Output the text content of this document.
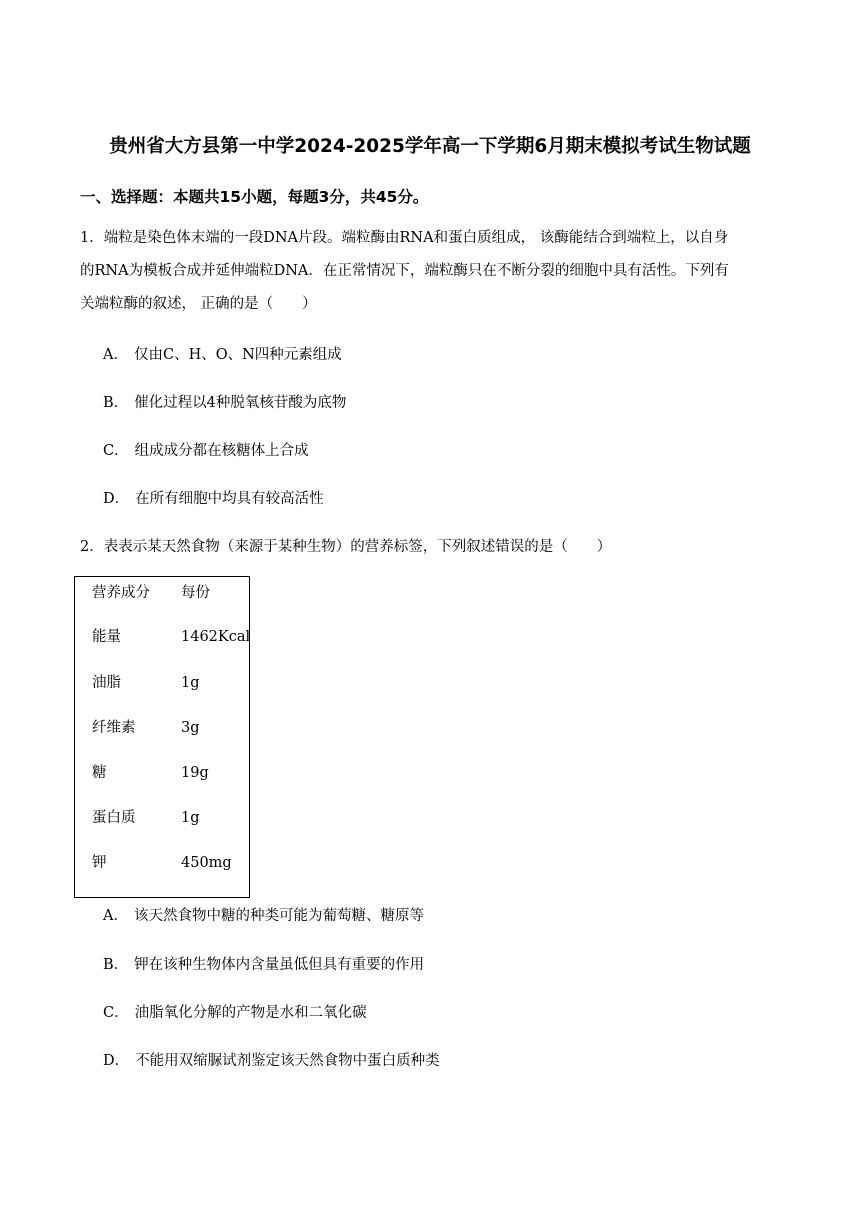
贵州省大方县第一中学2024-2025学年高一下学期6月期末模拟考试生物试题
一、选择题：本题共15小题，每题3分，共45分。
1．端粒是染色体末端的一段DNA片段。端粒酶由RNA和蛋白质组成， 该酶能结合到端粒上，以自身
的RNA为模板合成并延伸端粒DNA．在正常情况下，端粒酶只在不断分裂的细胞中具有活性。下列有
关端粒酶的叙述， 正确的是（　　）
A． 仅由C、H、O、N四种元素组成
B． 催化过程以4种脱氧核苷酸为底物
C． 组成成分都在核糖体上合成
D． 在所有细胞中均具有较高活性
2．表表示某天然食物（来源于某种生物）的营养标签，下列叙述错误的是（　　）
营养成分 每份
能量	1462Kcal
油脂	1g
纤维素	3g
糖	19g
蛋白质	1g
钾	450mg
A． 该天然食物中糖的种类可能为葡萄糖、糖原等
B． 钾在该种生物体内含量虽低但具有重要的作用
C． 油脂氧化分解的产物是水和二氧化碳
D． 不能用双缩脲试剂鉴定该天然食物中蛋白质种类
